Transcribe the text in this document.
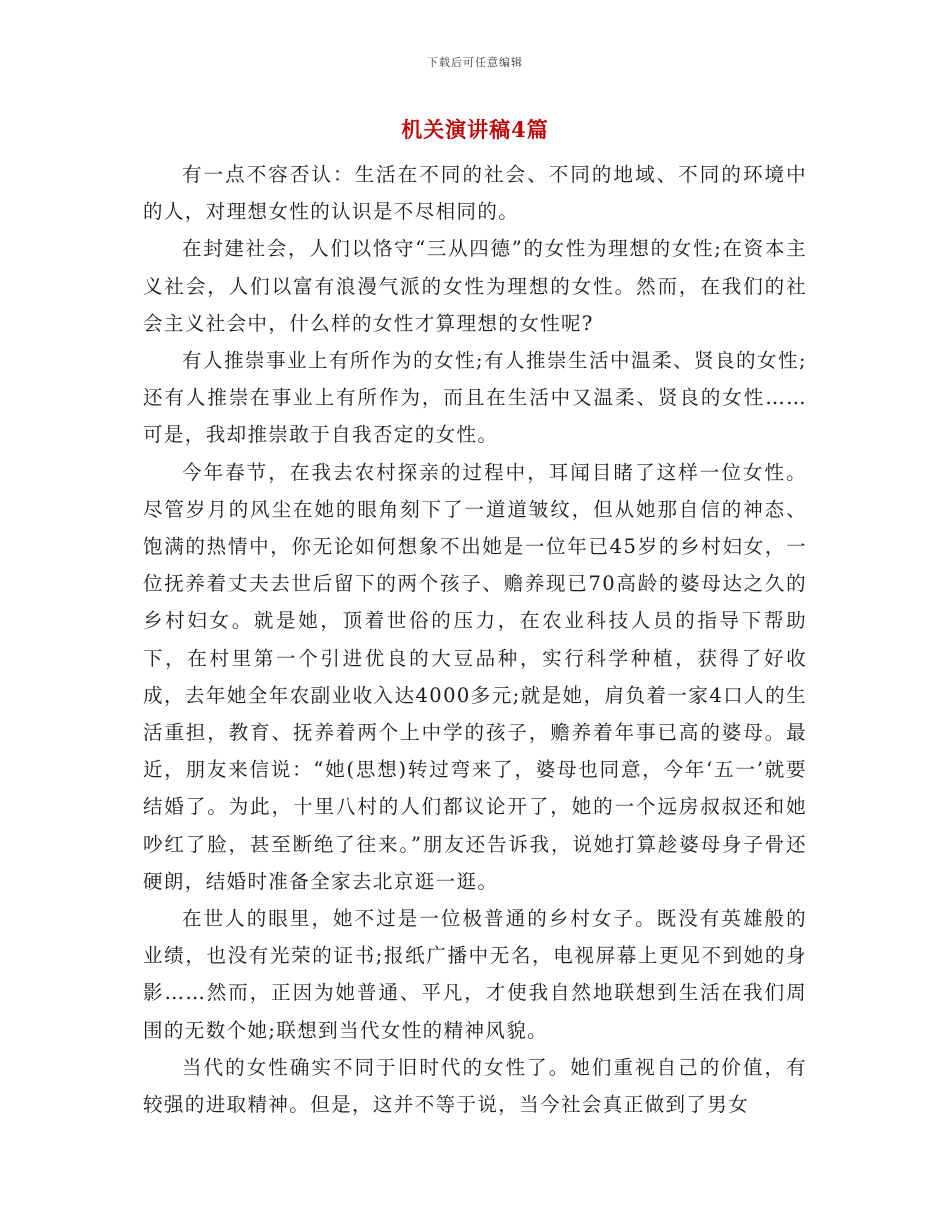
下载后可任意编辑
机关演讲稿4篇

有一点不容否认：生活在不同的社会、不同的地域、不同的环境中的人，对理想女性的认识是不尽相同的。

在封建社会，人们以恪守“三从四德”的女性为理想的女性;在资本主义社会，人们以富有浪漫气派的女性为理想的女性。然而，在我们的社会主义社会中，什么样的女性才算理想的女性呢?

有人推崇事业上有所作为的女性;有人推崇生活中温柔、贤良的女性;还有人推崇在事业上有所作为，而且在生活中又温柔、贤良的女性……可是，我却推崇敢于自我否定的女性。

今年春节，在我去农村探亲的过程中，耳闻目睹了这样一位女性。尽管岁月的风尘在她的眼角刻下了一道道皱纹，但从她那自信的神态、饱满的热情中，你无论如何想象不出她是一位年已45岁的乡村妇女，一位抚养着丈夫去世后留下的两个孩子、赡养现已70高龄的婆母达之久的乡村妇女。就是她，顶着世俗的压力，在农业科技人员的指导下帮助下，在村里第一个引进优良的大豆品种，实行科学种植，获得了好收成，去年她全年农副业收入达4000多元;就是她，肩负着一家4口人的生活重担，教育、抚养着两个上中学的孩子，赡养着年事已高的婆母。最近，朋友来信说：“她(思想)转过弯来了，婆母也同意，今年‘五一’就要结婚了。为此，十里八村的人们都议论开了，她的一个远房叔叔还和她吵红了脸，甚至断绝了往来。”朋友还告诉我，说她打算趁婆母身子骨还硬朗，结婚时准备全家去北京逛一逛。

在世人的眼里，她不过是一位极普通的乡村女子。既没有英雄般的业绩，也没有光荣的证书;报纸广播中无名，电视屏幕上更见不到她的身影……然而，正因为她普通、平凡，才使我自然地联想到生活在我们周围的无数个她;联想到当代女性的精神风貌。

当代的女性确实不同于旧时代的女性了。她们重视自己的价值，有较强的进取精神。但是，这并不等于说，当今社会真正做到了男女
